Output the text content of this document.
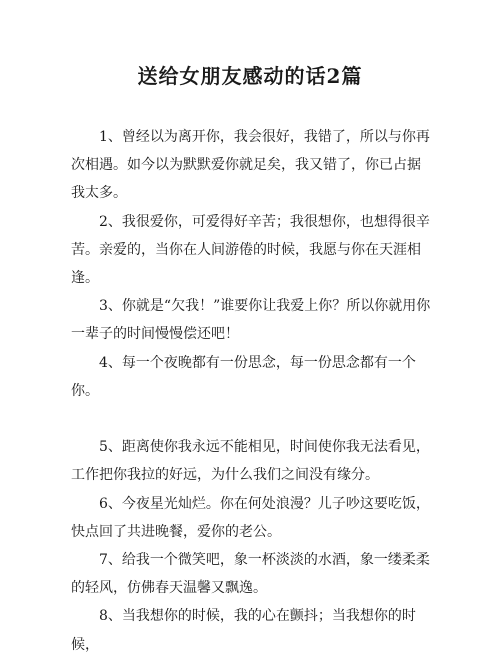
送给女朋友感动的话2篇

1、曾经以为离开你，我会很好，我错了，所以与你再次相遇。如今以为默默爱你就足矣，我又错了，你已占据我太多。

2、我很爱你，可爱得好辛苦；我很想你，也想得很辛苦。亲爱的，当你在人间游倦的时候，我愿与你在天涯相逢。

3、你就是“欠我！”谁要你让我爱上你？所以你就用你一辈子的时间慢慢偿还吧！

4、每一个夜晚都有一份思念，每一份思念都有一个你。

5、距离使你我永远不能相见，时间使你我无法看见，工作把你我拉的好远，为什么我们之间没有缘分。

6、今夜星光灿烂。你在何处浪漫？儿子吵这要吃饭，快点回了共进晚餐，爱你的老公。

7、给我一个微笑吧，象一杯淡淡的水酒，象一缕柔柔的轻风，仿佛春天温馨又飘逸。

8、当我想你的时候，我的心在颤抖；当我想你的时候，
